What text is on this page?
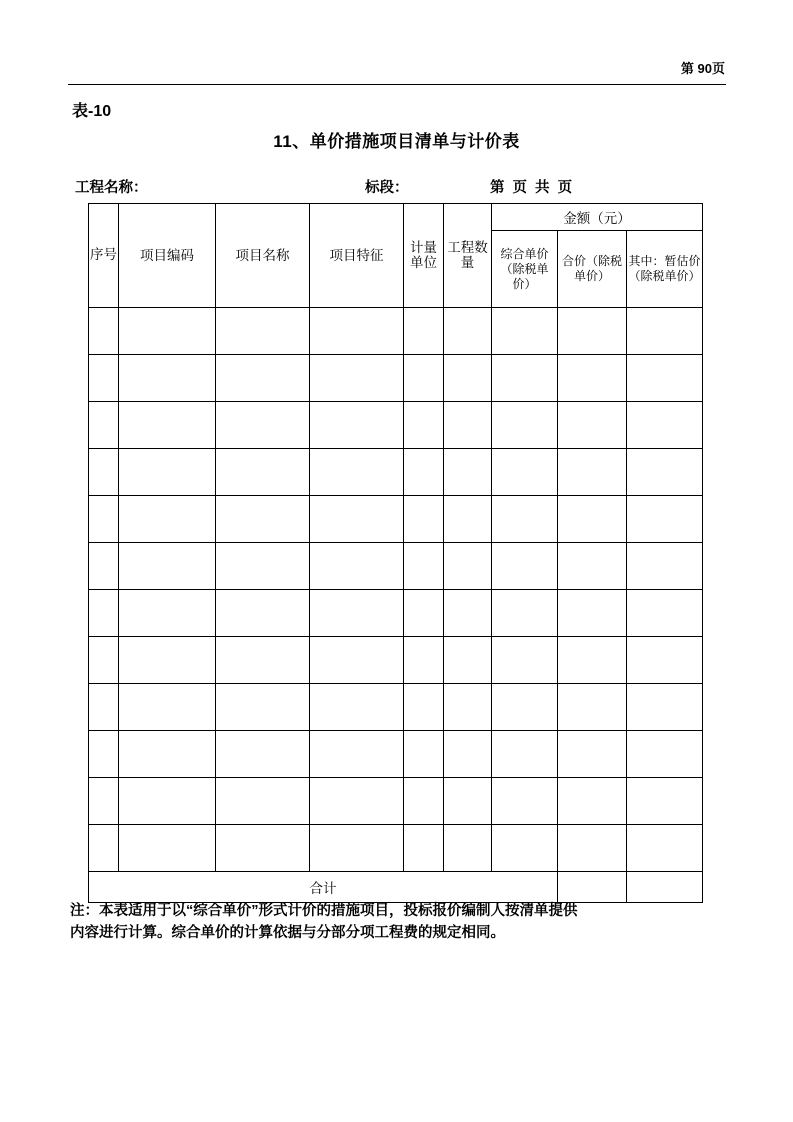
第 90页
表-10
11、单价措施项目清单与计价表
工程名称：	标段：	第 页 共 页
序号	项目编码	项目名称	项目特征	计量单位	工程数量	金额（元）		
						综合单价（除税单价）	合价（除税单价）	其中：暂估价（除税单价）

合计								
注：本表适用于以“综合单价”形式计价的措施项目，投标报价编制人按清单提供
内容进行计算。综合单价的计算依据与分部分项工程费的规定相同。
